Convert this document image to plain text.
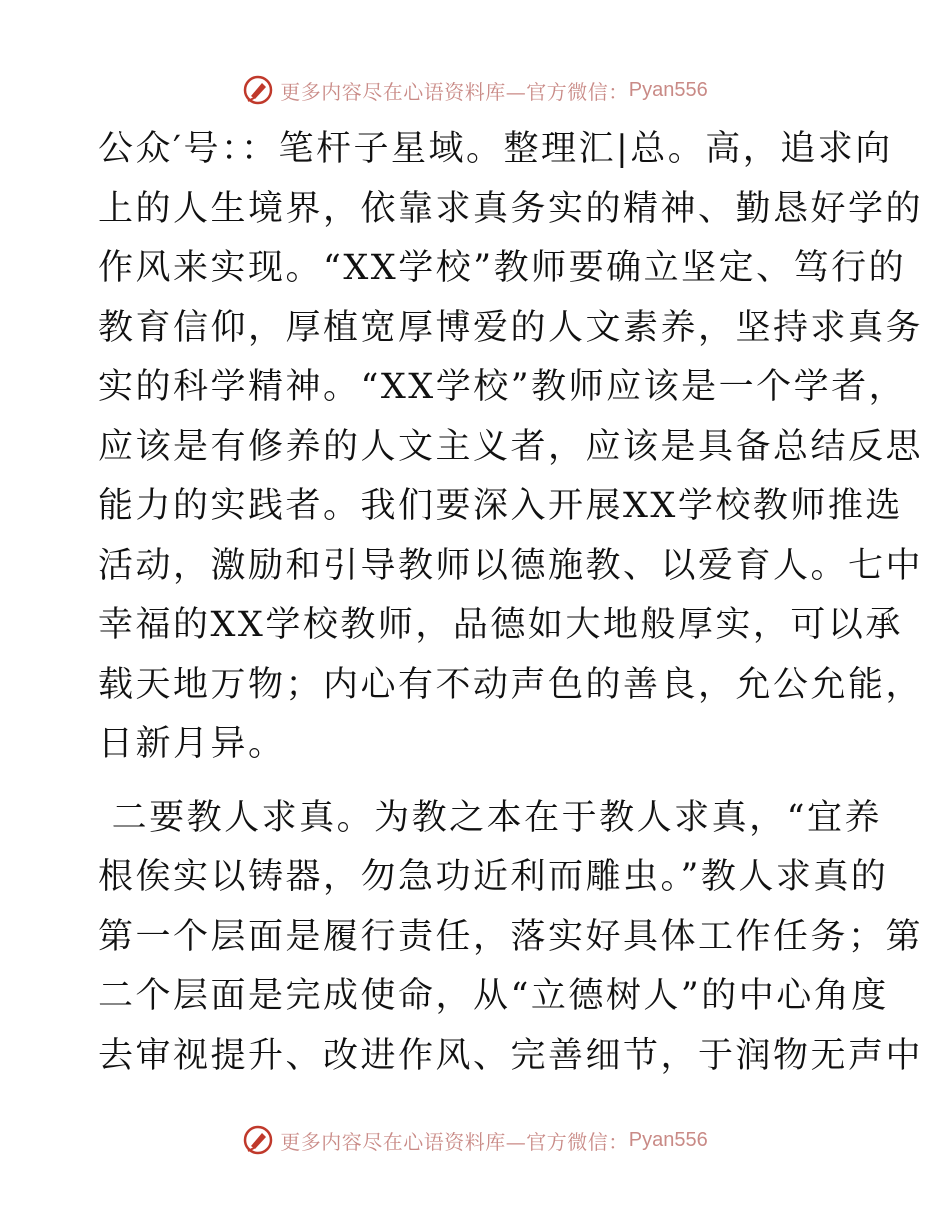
更多内容尽在心语资料库—官方微信： Pyan556

公众′号：：笔杆子星域。整理汇|总。高，追求向
上的人生境界，依靠求真务实的精神、勤恳好学的
作风来实现。“XX学校”教师要确立坚定、笃行的
教育信仰，厚植宽厚博爱的人文素养，坚持求真务
实的科学精神。“XX学校”教师应该是一个学者，
应该是有修养的人文主义者，应该是具备总结反思
能力的实践者。我们要深入开展XX学校教师推选
活动，激励和引导教师以德施教、以爱育人。七中
幸福的XX学校教师，品德如大地般厚实，可以承
载天地万物；内心有不动声色的善良，允公允能，
日新月异。

二要教人求真。为教之本在于教人求真，“宜养
根俟实以铸器，勿急功近利而雕虫。”教人求真的
第一个层面是履行责任，落实好具体工作任务；第
二个层面是完成使命，从“立德树人”的中心角度
去审视提升、改进作风、完善细节，于润物无声中

更多内容尽在心语资料库—官方微信： Pyan556
